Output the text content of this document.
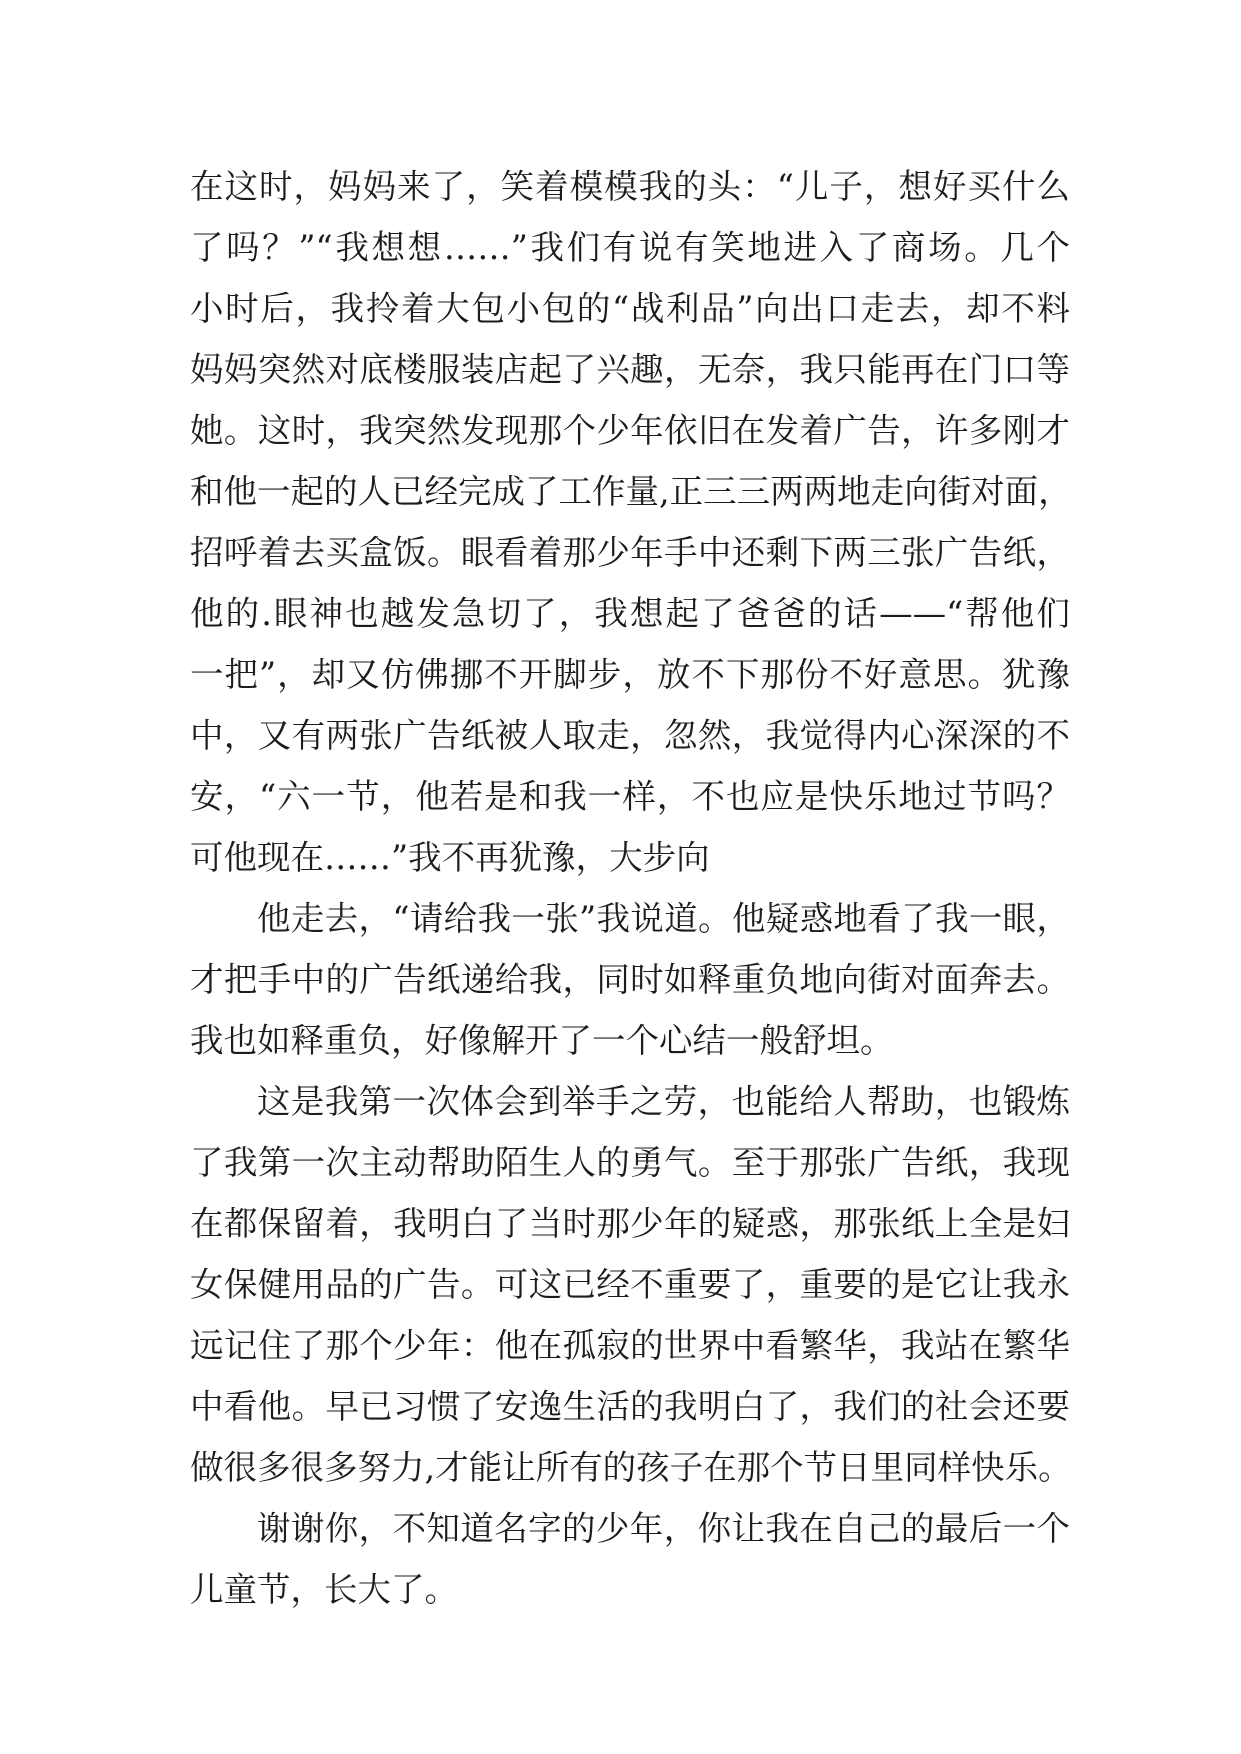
在这时，妈妈来了，笑着模模我的头：“儿子，想好买什么
了吗？”“我想想……”我们有说有笑地进入了商场。几个
小时后，我拎着大包小包的“战利品”向出口走去，却不料
妈妈突然对底楼服装店起了兴趣，无奈，我只能再在门口等
她。这时，我突然发现那个少年依旧在发着广告，许多刚才
和他一起的人已经完成了工作量,正三三两两地走向街对面，
招呼着去买盒饭。眼看着那少年手中还剩下两三张广告纸，
他的.眼神也越发急切了，我想起了爸爸的话——“帮他们
一把”，却又仿佛挪不开脚步，放不下那份不好意思。犹豫
中，又有两张广告纸被人取走，忽然，我觉得内心深深的不
安，“六一节，他若是和我一样，不也应是快乐地过节吗？
可他现在……”我不再犹豫，大步向
他走去，“请给我一张”我说道。他疑惑地看了我一眼，
才把手中的广告纸递给我，同时如释重负地向街对面奔去。
我也如释重负，好像解开了一个心结一般舒坦。
这是我第一次体会到举手之劳，也能给人帮助，也锻炼
了我第一次主动帮助陌生人的勇气。至于那张广告纸，我现
在都保留着，我明白了当时那少年的疑惑，那张纸上全是妇
女保健用品的广告。可这已经不重要了，重要的是它让我永
远记住了那个少年：他在孤寂的世界中看繁华，我站在繁华
中看他。早已习惯了安逸生活的我明白了，我们的社会还要
做很多很多努力,才能让所有的孩子在那个节日里同样快乐。
谢谢你，不知道名字的少年，你让我在自己的最后一个
儿童节，长大了。
